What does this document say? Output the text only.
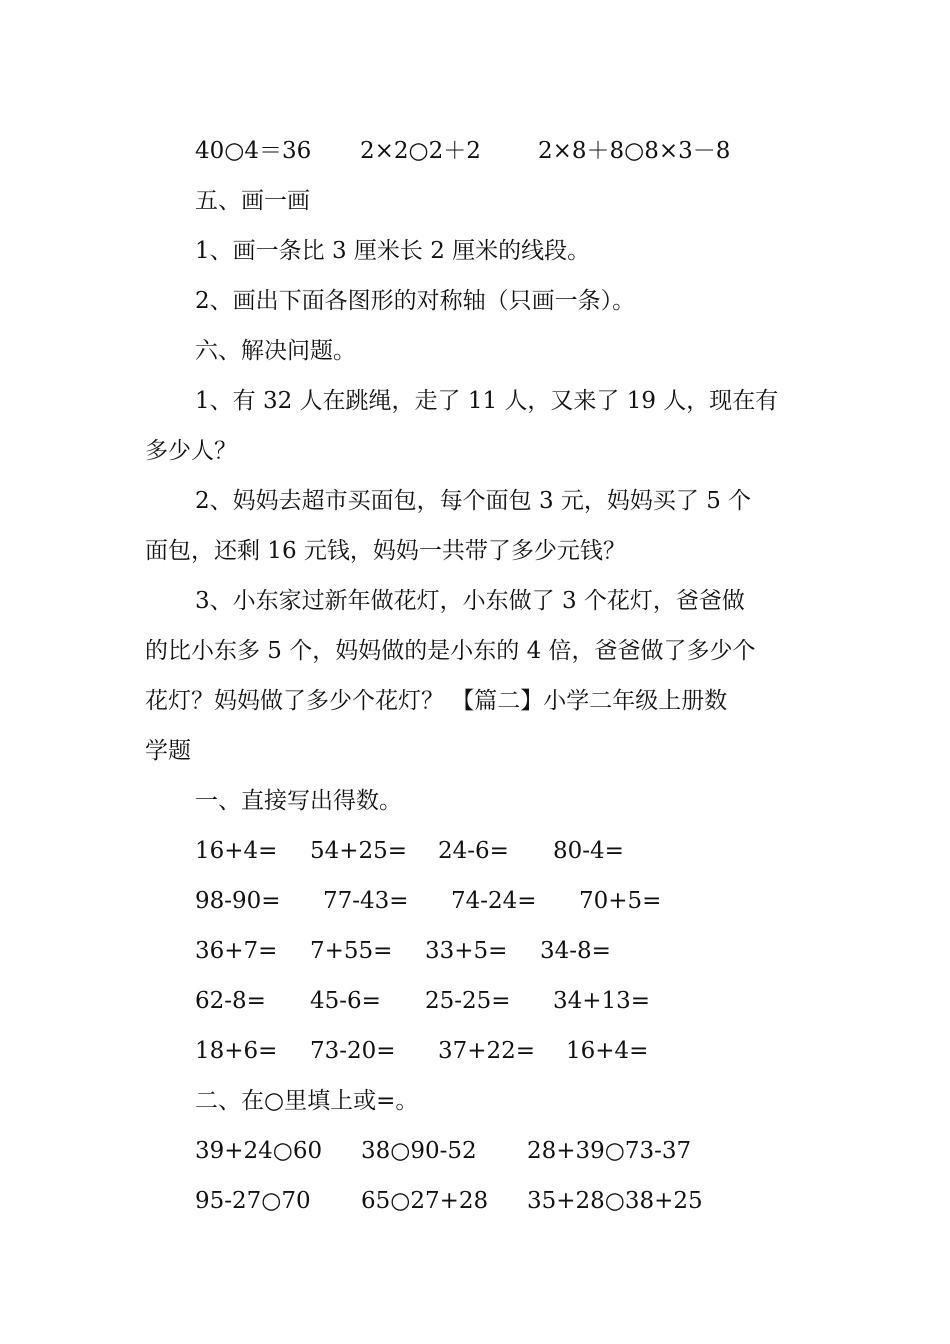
40○4＝36 2×2○2＋2 2×8＋8○8×3－8
五、画一画
1、画一条比 3 厘米长 2 厘米的线段。
2、画出下面各图形的对称轴（只画一条）。
六、解决问题。
1、有 32 人在跳绳，走了 11 人，又来了 19 人，现在有
多少人？
2、妈妈去超市买面包，每个面包 3 元，妈妈买了 5 个
面包，还剩 16 元钱，妈妈一共带了多少元钱？
3、小东家过新年做花灯，小东做了 3 个花灯，爸爸做
的比小东多 5 个，妈妈做的是小东的 4 倍，爸爸做了多少个
花灯？妈妈做了多少个花灯？ 【篇二】小学二年级上册数
学题
一、直接写出得数。
16+4= 54+25= 24-6= 80-4=
98-90= 77-43= 74-24= 70+5=
36+7= 7+55= 33+5= 34-8=
62-8= 45-6= 25-25= 34+13=
18+6= 73-20= 37+22= 16+4=
二、在○里填上或=。
39+24○60 38○90-52 28+39○73-37
95-27○70 65○27+28 35+28○38+25
